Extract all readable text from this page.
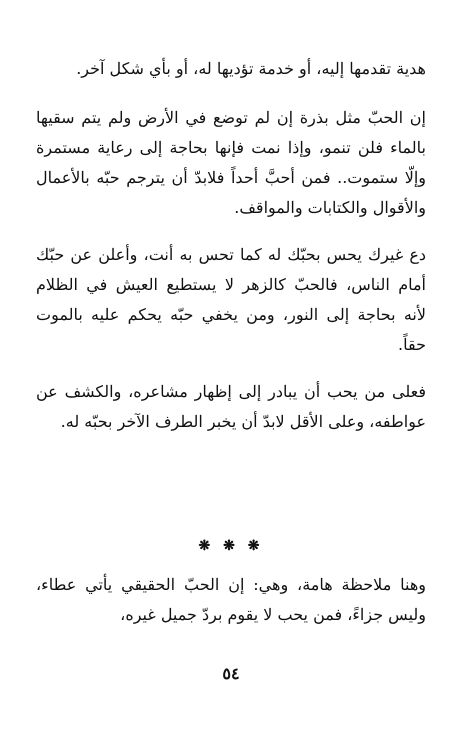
هدية تقدمها إليه، أو خدمة تؤديها له، أو بأي شكل آخر.

إن الحبّ مثل بذرة إن لم توضع في الأرض ولم يتم سقيها بالماء فلن تنمو، وإذا نمت فإنها بحاجة إلى رعاية مستمرة وإلّا ستموت.. فمن أحبَّ أحداً فلابدّ أن يترجم حبّه بالأعمال والأقوال والكتابات والمواقف.

دع غيرك يحس بحبّك له كما تحس به أنت، وأعلن عن حبّك أمام الناس، فالحبّ كالزهر لا يستطيع العيش في الظلام لأنه بحاجة إلى النور، ومن يخفي حبّه يحكم عليه بالموت حقاً.

فعلى من يحب أن يبادر إلى إظهار مشاعره، والكشف عن عواطفه، وعلى الأقل لابدّ أن يخبر الطرف الآخر بحبّه له.

❋ ❋ ❋

وهنا ملاحظة هامة، وهي: إن الحبّ الحقيقي يأتي عطاء، وليس جزاءً، فمن يحب لا يقوم بردّ جميل غيره،

٥٤
